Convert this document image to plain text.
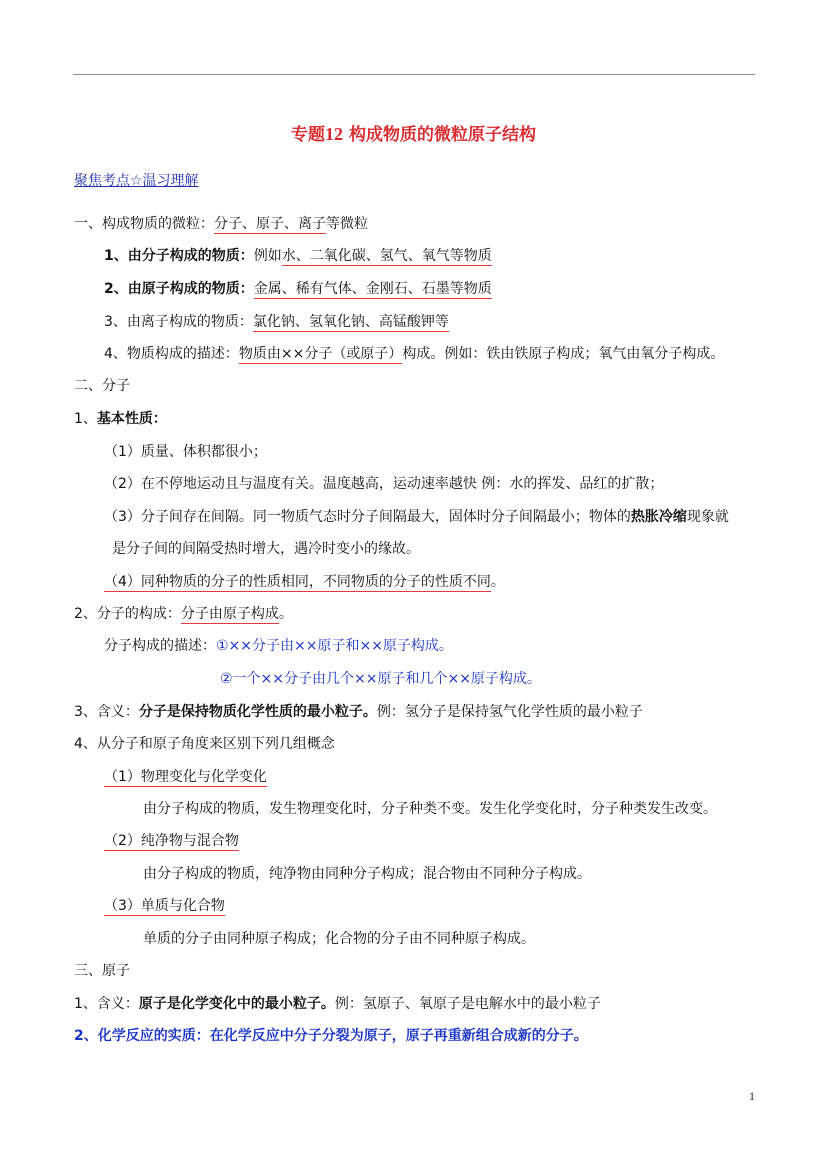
专题12 构成物质的微粒原子结构
聚焦考点☆温习理解
一、构成物质的微粒：分子、原子、离子等微粒
1、由分子构成的物质：例如水、二氧化碳、氢气、氧气等物质
2、由原子构成的物质：金属、稀有气体、金刚石、石墨等物质
3、由离子构成的物质：氯化钠、氢氧化钠、高锰酸钾等
4、物质构成的描述：物质由××分子（或原子）构成。例如：铁由铁原子构成；氧气由氧分子构成。
二、分子
1、基本性质：
（1）质量、体积都很小；
（2）在不停地运动且与温度有关。温度越高，运动速率越快 例：水的挥发、品红的扩散；
（3）分子间存在间隔。同一物质气态时分子间隔最大，固体时分子间隔最小；物体的热胀冷缩现象就
是分子间的间隔受热时增大，遇冷时变小的缘故。
（4）同种物质的分子的性质相同，不同物质的分子的性质不同。
2、分子的构成：分子由原子构成。
分子构成的描述：①××分子由××原子和××原子构成。
②一个××分子由几个××原子和几个××原子构成。
3、含义：分子是保持物质化学性质的最小粒子。例：氢分子是保持氢气化学性质的最小粒子
4、从分子和原子角度来区别下列几组概念
（1）物理变化与化学变化
由分子构成的物质，发生物理变化时，分子种类不变。发生化学变化时，分子种类发生改变。
（2）纯净物与混合物
由分子构成的物质，纯净物由同种分子构成；混合物由不同种分子构成。
（3）单质与化合物
单质的分子由同种原子构成；化合物的分子由不同种原子构成。
三、原子
1、含义：原子是化学变化中的最小粒子。例：氢原子、氧原子是电解水中的最小粒子
2、化学反应的实质：在化学反应中分子分裂为原子，原子再重新组合成新的分子。
1
